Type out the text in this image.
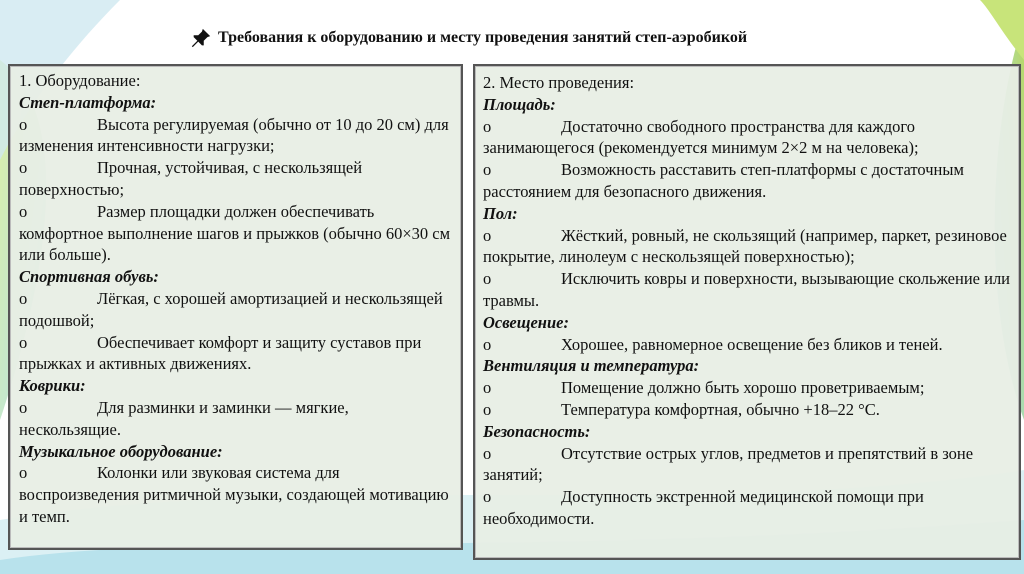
Требования к оборудованию и месту проведения занятий степ-аэробикой
1. Оборудование:
Степ-платформа:
o	Высота регулируемая (обычно от 10 до 20 см) для изменения интенсивности нагрузки;
o	Прочная, устойчивая, с нескользящей поверхностью;
o	Размер площадки должен обеспечивать комфортное выполнение шагов и прыжков (обычно 60×30 см или больше).
Спортивная обувь:
o	Лёгкая, с хорошей амортизацией и нескользящей подошвой;
o	Обеспечивает комфорт и защиту суставов при прыжках и активных движениях.
Коврики:
o	Для разминки и заминки — мягкие, нескользящие.
Музыкальное оборудование:
o	Колонки или звуковая система для воспроизведения ритмичной музыки, создающей мотивацию и темп.
2. Место проведения:
Площадь:
o	Достаточно свободного пространства для каждого занимающегося (рекомендуется минимум 2×2 м на человека);
o	Возможность расставить степ-платформы с достаточным расстоянием для безопасного движения.
Пол:
o	Жёсткий, ровный, не скользящий (например, паркет, резиновое покрытие, линолеум с нескользящей поверхностью);
o	Исключить ковры и поверхности, вызывающие скольжение или травмы.
Освещение:
o	Хорошее, равномерное освещение без бликов и теней.
Вентиляция и температура:
o	Помещение должно быть хорошо проветриваемым;
o	Температура комфортная, обычно +18–22 °C.
Безопасность:
o	Отсутствие острых углов, предметов и препятствий в зоне занятий;
o	Доступность экстренной медицинской помощи при необходимости.
